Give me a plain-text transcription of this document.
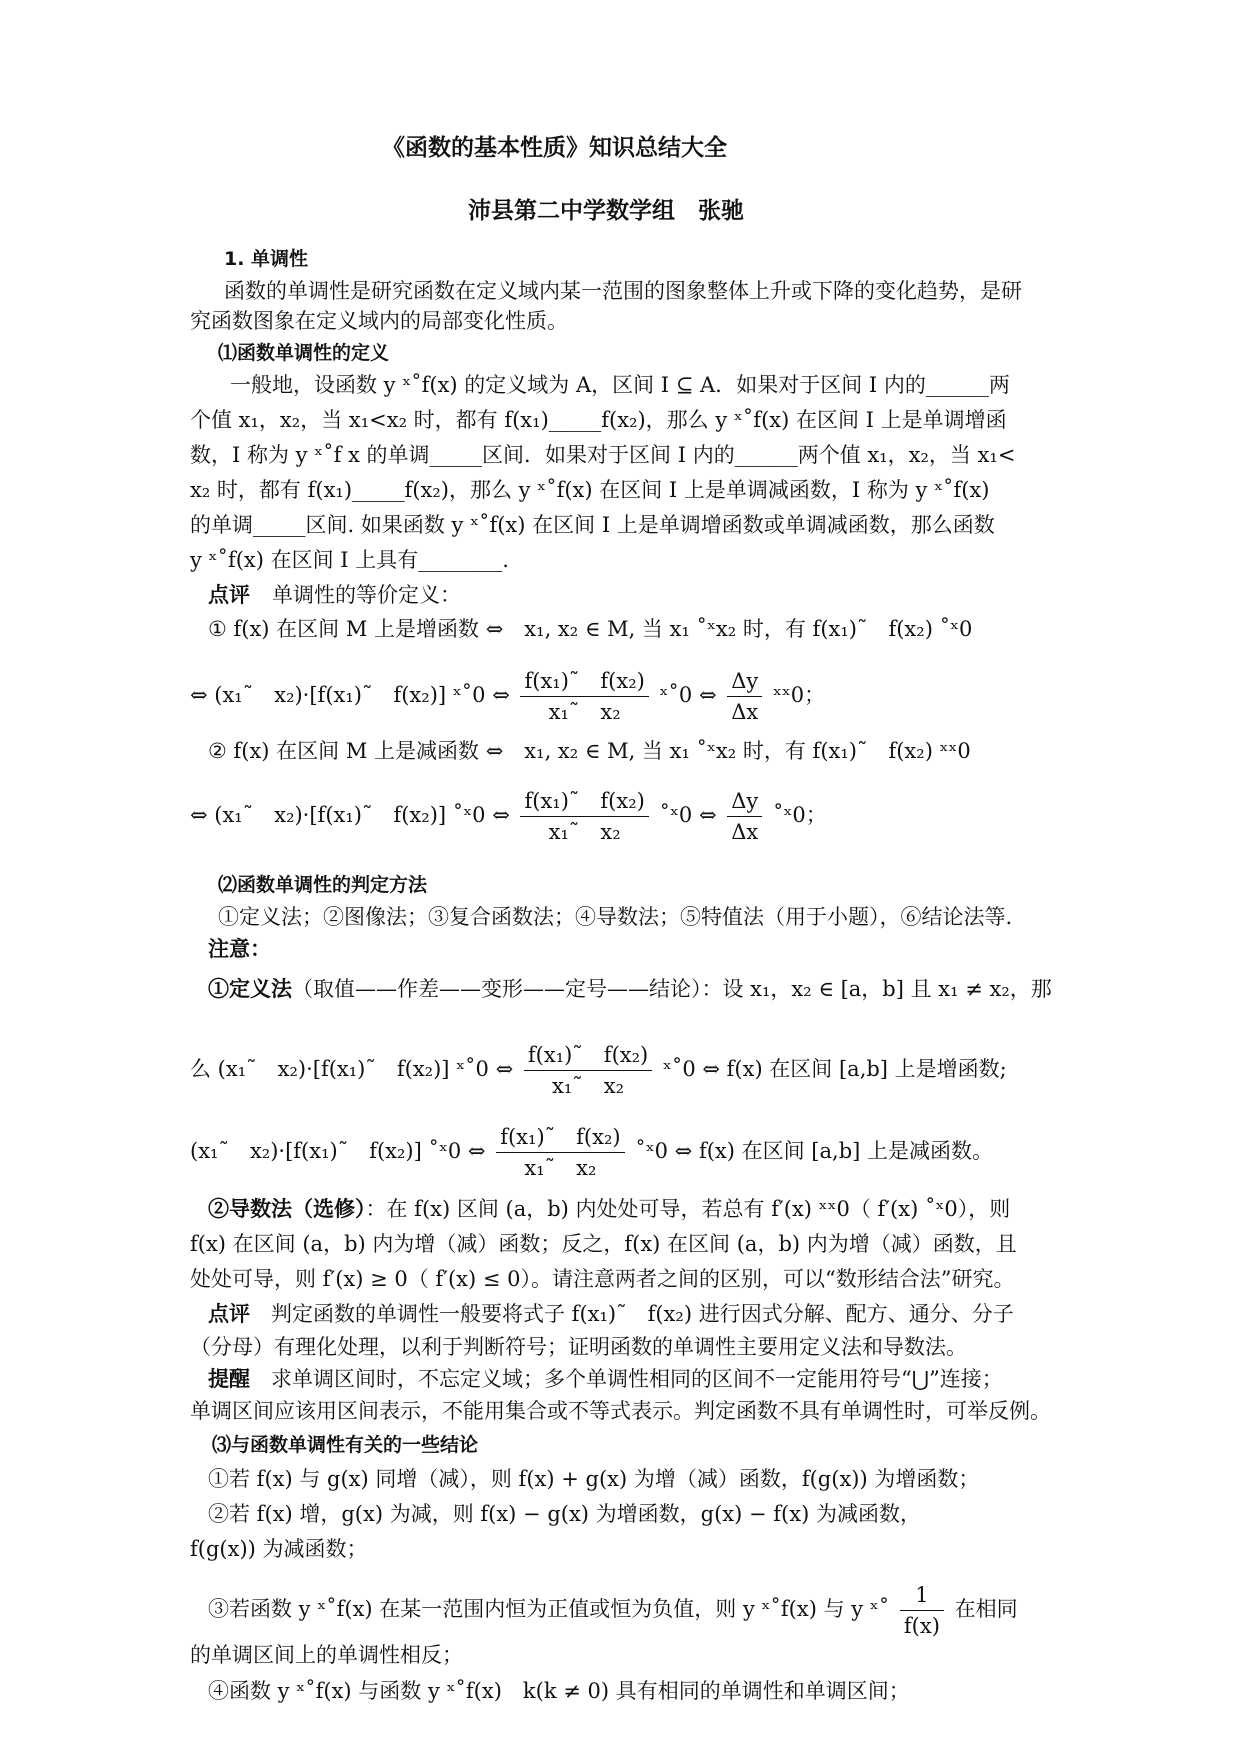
《函数的基本性质》知识总结大全
沛县第二中学数学组　张驰
1. 单调性
函数的单调性是研究函数在定义域内某一范围的图象整体上升或下降的变化趋势，是研
究函数图象在定义域内的局部变化性质。
⑴函数单调性的定义
一般地，设函数 y ˣ˚f(x) 的定义域为 A，区间 I ⊆ A．如果对于区间 I 内的______两
个值 x₁，x₂，当 x₁<x₂ 时，都有 f(x₁)_____f(x₂)，那么 y ˣ˚f(x) 在区间 I 上是单调增函
数，I 称为 y ˣ˚f x 的单调_____区间．如果对于区间 I 内的______两个值 x₁，x₂，当 x₁<
x₂ 时，都有 f(x₁)_____f(x₂)，那么 y ˣ˚f(x) 在区间 I 上是单调减函数，I 称为 y ˣ˚f(x)
的单调_____区间. 如果函数 y ˣ˚f(x) 在区间 I 上是单调增函数或单调减函数，那么函数
y ˣ˚f(x) 在区间 I 上具有________.
点评 单调性的等价定义：
① f(x) 在区间 M 上是增函数 ⇔　x₁, x₂ ∈ M, 当 x₁ ˚ˣx₂ 时，有 f(x₁)˜　f(x₂) ˚ˣ0
⇔ (x₁˜　x₂)·[f(x₁)˜　f(x₂)] ˣ˚0 ⇔ $\frac{\text{f(x₁)˜　f(x₂)}}{\text{x₁˜　x₂}}$ ˣ˚0 ⇔ $\frac{\Delta y}{\Delta x}$ ˣˣ0；
② f(x) 在区间 M 上是减函数 ⇔　x₁, x₂ ∈ M, 当 x₁ ˚ˣx₂ 时，有 f(x₁)˜　f(x₂) ˣˣ0
⇔ (x₁˜　x₂)·[f(x₁)˜　f(x₂)] ˚ˣ0 ⇔ $\frac{\text{f(x₁)˜　f(x₂)}}{\text{x₁˜　x₂}}$ ˚ˣ0 ⇔ $\frac{\Delta y}{\Delta x}$ ˚ˣ0；
⑵函数单调性的判定方法
①定义法；②图像法；③复合函数法；④导数法；⑤特值法（用于小题），⑥结论法等.
注意：
①定义法（取值——作差——变形——定号——结论）：设 x₁，x₂ ∈ [a，b] 且 x₁ ≠ x₂，那
么 (x₁˜　x₂)·[f(x₁)˜　f(x₂)] ˣ˚0 ⇔ $\frac{\text{f(x₁)˜　f(x₂)}}{\text{x₁˜　x₂}}$ ˣ˚0 ⇔ f(x) 在区间 [a,b] 上是增函数;
(x₁˜　x₂)·[f(x₁)˜　f(x₂)] ˚ˣ0 ⇔ $\frac{\text{f(x₁)˜　f(x₂)}}{\text{x₁˜　x₂}}$ ˚ˣ0 ⇔ f(x) 在区间 [a,b] 上是减函数。
②导数法（选修）：在 f(x) 区间 (a，b) 内处处可导，若总有 f′(x) ˣˣ0（ f′(x) ˚ˣ0），则
f(x) 在区间 (a，b) 内为增（减）函数；反之，f(x) 在区间 (a，b) 内为增（减）函数，且
处处可导，则 f′(x) ≥ 0（ f′(x) ≤ 0）。请注意两者之间的区别，可以“数形结合法”研究。
点评　 判定函数的单调性一般要将式子 f(x₁)˜　f(x₂) 进行因式分解、配方、通分、分子
（分母）有理化处理，以利于判断符号；证明函数的单调性主要用定义法和导数法。
提醒　 求单调区间时，不忘定义域；多个单调性相同的区间不一定能用符号“⋃”连接；
单调区间应该用区间表示，不能用集合或不等式表示。判定函数不具有单调性时，可举反例。
⑶与函数单调性有关的一些结论
①若 f(x) 与 g(x) 同增（减），则 f(x) + g(x) 为增（减）函数，f(g(x)) 为增函数；
②若 f(x) 增，g(x) 为减，则 f(x) − g(x) 为增函数，g(x) − f(x) 为减函数，
f(g(x)) 为减函数；
③若函数 y ˣ˚f(x) 在某一范围内恒为正值或恒为负值，则 y ˣ˚f(x) 与 y ˣ˚ $\frac{1}{f(x)}$ 在相同
的单调区间上的单调性相反；
④函数 y ˣ˚f(x) 与函数 y ˣ˚f(x)　k(k ≠ 0) 具有相同的单调性和单调区间；
